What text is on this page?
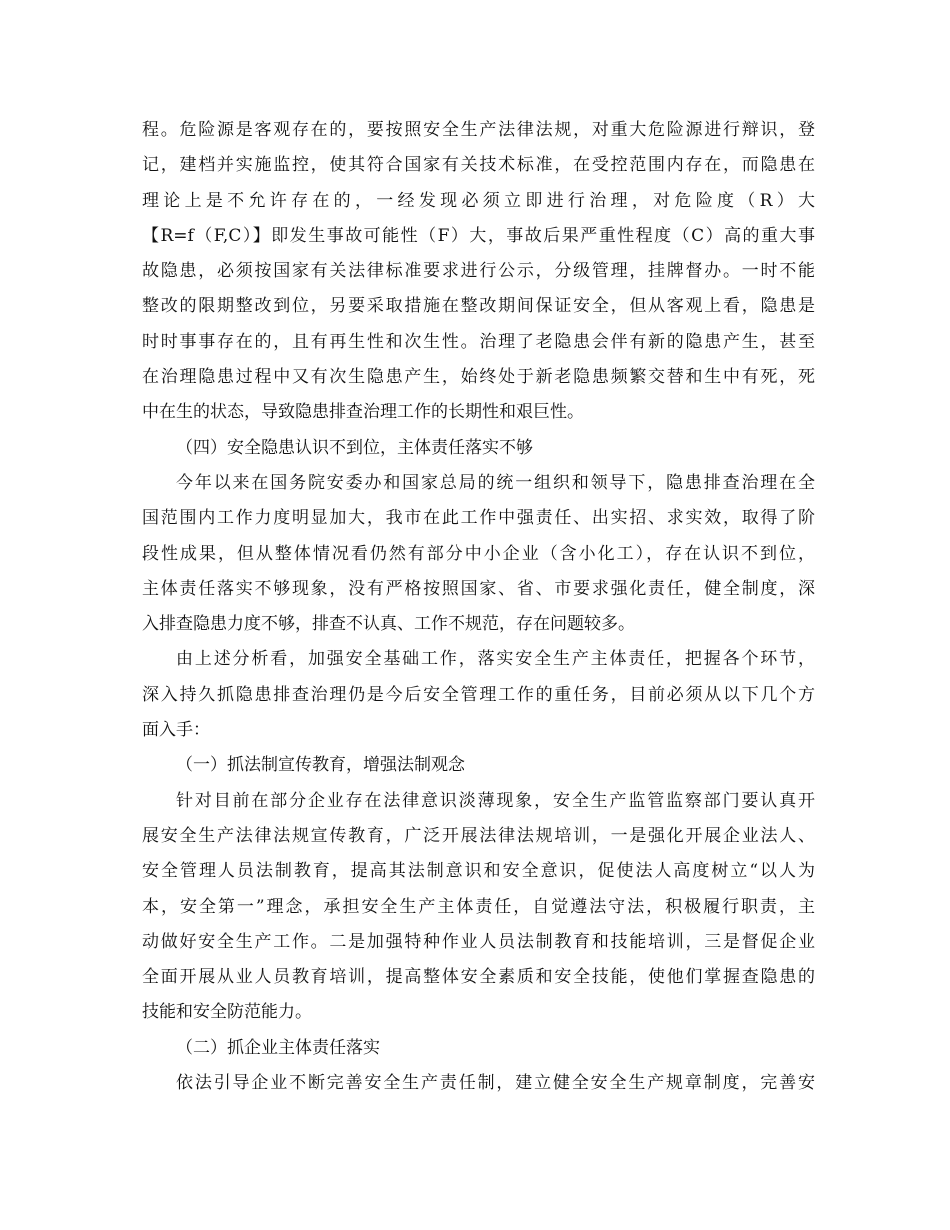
程。危险源是客观存在的，要按照安全生产法律法规，对重大危险源进行辩识，登
记，建档并实施监控，使其符合国家有关技术标准，在受控范围内存在，而隐患在
理论上是不允许存在的，一经发现必须立即进行治理，对危险度（R）大
【R=f（F,C）】即发生事故可能性（F）大，事故后果严重性程度（C）高的重大事
故隐患，必须按国家有关法律标准要求进行公示，分级管理，挂牌督办。一时不能
整改的限期整改到位，另要采取措施在整改期间保证安全，但从客观上看，隐患是
时时事事存在的，且有再生性和次生性。治理了老隐患会伴有新的隐患产生，甚至
在治理隐患过程中又有次生隐患产生，始终处于新老隐患频繁交替和生中有死，死
中在生的状态，导致隐患排查治理工作的长期性和艰巨性。
（四）安全隐患认识不到位，主体责任落实不够
今年以来在国务院安委办和国家总局的统一组织和领导下，隐患排查治理在全
国范围内工作力度明显加大，我市在此工作中强责任、出实招、求实效，取得了阶
段性成果，但从整体情况看仍然有部分中小企业（含小化工），存在认识不到位，
主体责任落实不够现象，没有严格按照国家、省、市要求强化责任，健全制度，深
入排查隐患力度不够，排查不认真、工作不规范，存在问题较多。
由上述分析看，加强安全基础工作，落实安全生产主体责任，把握各个环节，
深入持久抓隐患排查治理仍是今后安全管理工作的重任务，目前必须从以下几个方
面入手：
（一）抓法制宣传教育，增强法制观念
针对目前在部分企业存在法律意识淡薄现象，安全生产监管监察部门要认真开
展安全生产法律法规宣传教育，广泛开展法律法规培训，一是强化开展企业法人、
安全管理人员法制教育，提高其法制意识和安全意识，促使法人高度树立“以人为
本，安全第一”理念，承担安全生产主体责任，自觉遵法守法，积极履行职责，主
动做好安全生产工作。二是加强特种作业人员法制教育和技能培训，三是督促企业
全面开展从业人员教育培训，提高整体安全素质和安全技能，使他们掌握查隐患的
技能和安全防范能力。
（二）抓企业主体责任落实
依法引导企业不断完善安全生产责任制，建立健全安全生产规章制度，完善安
